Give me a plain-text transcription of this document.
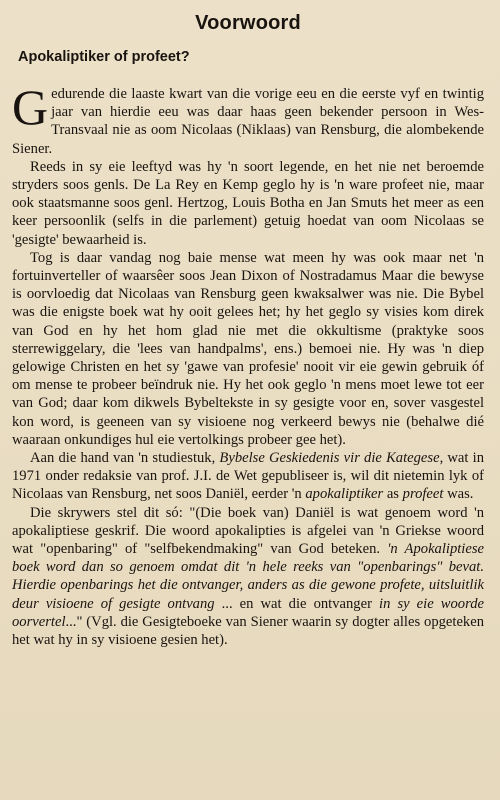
Voorwoord
Apokaliptiker of profeet?

Gedurende die laaste kwart van die vorige eeu en die eerste vyf en twintig jaar van hierdie eeu was daar haas geen bekender persoon in Wes-Transvaal nie as oom Nicolaas (Niklaas) van Rensburg, die alombekende Siener.

Reeds in sy eie leeftyd was hy 'n soort legende, en het nie net beroemde stryders soos genls. De La Rey en Kemp geglo hy is 'n ware profeet nie, maar ook staatsmanne soos genl. Hertzog, Louis Botha en Jan Smuts het meer as een keer persoonlik (selfs in die parlement) getuig hoedat van oom Nicolaas se 'gesigte' bewaarheid is.

Tog is daar vandag nog baie mense wat meen hy was ook maar net 'n fortuinverteller of waarsêer soos Jean Dixon of Nostradamus Maar die bewyse is oorvloedig dat Nicolaas van Rensburg geen kwaksalwer was nie. Die Bybel was die enigste boek wat hy ooit gelees het; hy het geglo sy visies kom direk van God en hy het hom glad nie met die okkultisme (praktyke soos sterrewiggelary, die 'lees van handpalms', ens.) bemoei nie. Hy was 'n diep gelowige Christen en het sy 'gawe van profesie' nooit vir eie gewin gebruik óf om mense te probeer beïndruk nie. Hy het ook geglo 'n mens moet lewe tot eer van God; daar kom dikwels Bybeltekste in sy gesigte voor en, sover vasgestel kon word, is geeneen van sy visioene nog verkeerd bewys nie (behalwe dié waaraan onkundiges hul eie vertolkings probeer gee het).

Aan die hand van 'n studiestuk, Bybelse Geskiedenis vir die Kategese, wat in 1971 onder redaksie van prof. J.I. de Wet gepubliseer is, wil dit nietemin lyk of Nicolaas van Rensburg, net soos Daniël, eerder 'n apokaliptiker as profeet was.

Die skrywers stel dit só: "(Die boek van) Daniël is wat genoem word 'n apokaliptiese geskrif. Die woord apokalipties is afgelei van 'n Griekse woord wat "openbaring" of "selfbekendmaking" van God beteken. 'n Apokaliptiese boek word dan so genoem omdat dit 'n hele reeks van "openbarings" bevat. Hierdie openbarings het die ontvanger, anders as die gewone profete, uitsluitlik deur visioene of gesigte ontvang ... en wat die ontvanger in sy eie woorde oorvertel..." (Vgl. die Gesigteboeke van Siener waarin sy dogter alles opgeteken het wat hy in sy visioene gesien het).
